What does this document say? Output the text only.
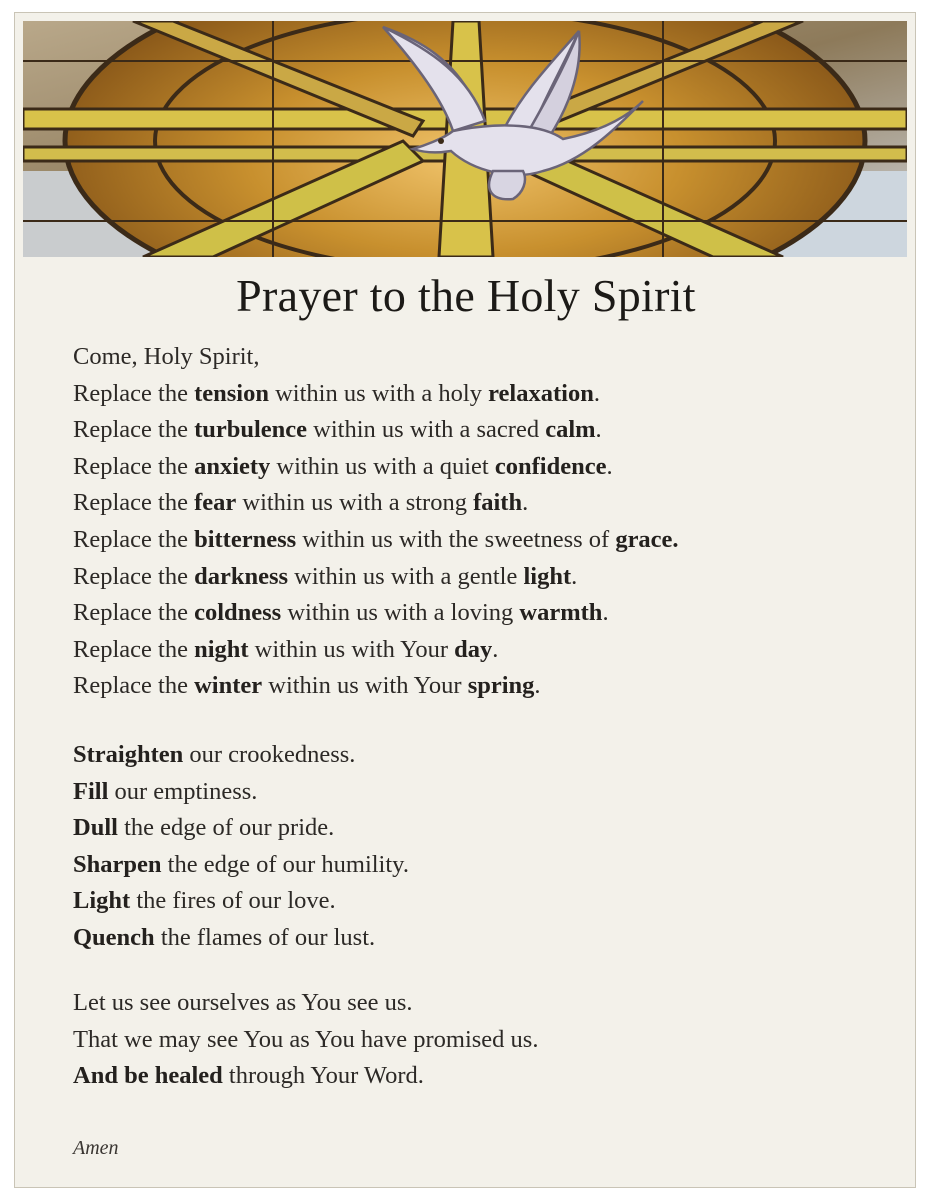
Prayer to the Holy Spirit
Come, Holy Spirit,
Replace the tension within us with a holy relaxation.
Replace the turbulence within us with a sacred calm.
Replace the anxiety within us with a quiet confidence.
Replace the fear within us with a strong faith.
Replace the bitterness within us with the sweetness of grace.
Replace the darkness within us with a gentle light.
Replace the coldness within us with a loving warmth.
Replace the night within us with Your day.
Replace the winter within us with Your spring.
Straighten our crookedness.
Fill our emptiness.
Dull the edge of our pride.
Sharpen the edge of our humility.
Light the fires of our love.
Quench the flames of our lust.
Let us see ourselves as You see us.
That we may see You as You have promised us.
And be healed through Your Word.
Amen
